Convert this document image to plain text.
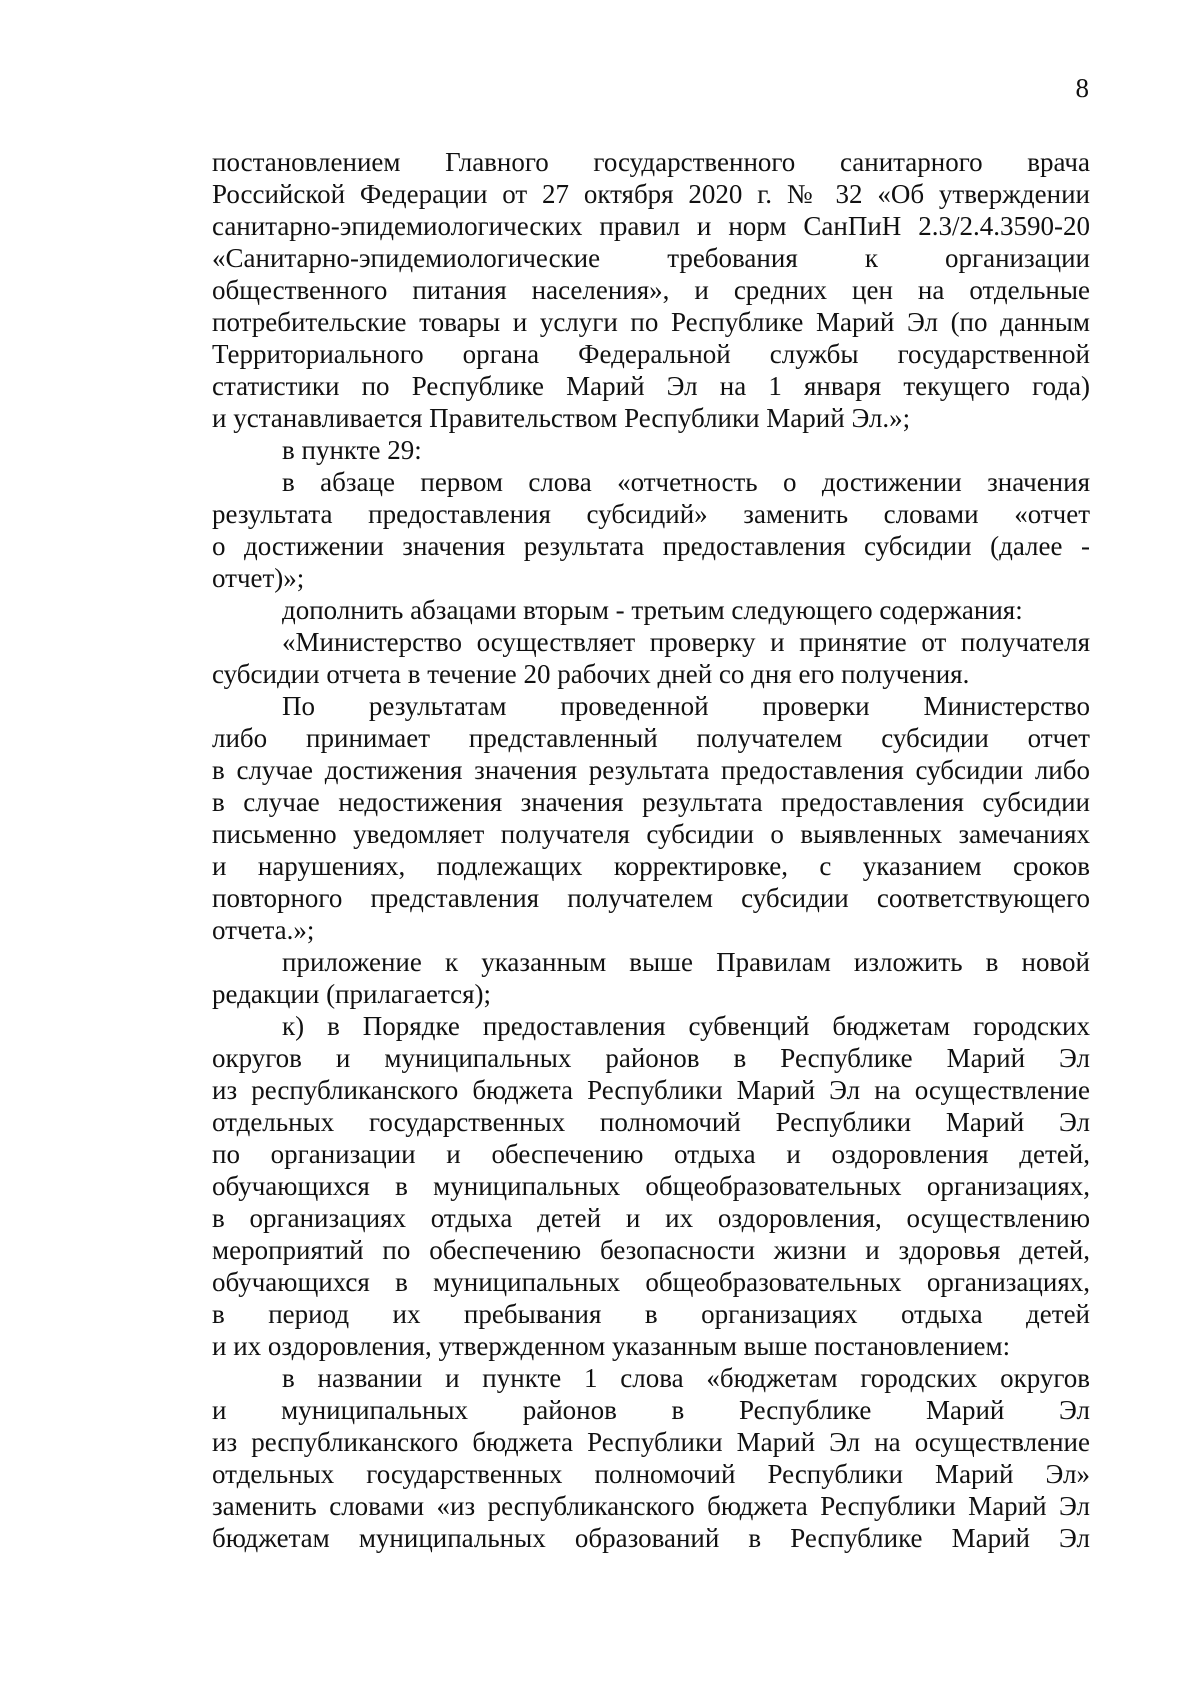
8
постановлением Главного государственного санитарного врача
Российской Федерации от 27 октября 2020 г. № 32 «Об утверждении
санитарно-эпидемиологических правил и норм СанПиН 2.3/2.4.3590-20
«Санитарно-эпидемиологические требования к организации
общественного питания населения», и средних цен на отдельные
потребительские товары и услуги по Республике Марий Эл (по данным
Территориального органа Федеральной службы государственной
статистики по Республике Марий Эл на 1 января текущего года)
и устанавливается Правительством Республики Марий Эл.»;
в пункте 29:
в абзаце первом слова «отчетность о достижении значения
результата предоставления субсидий» заменить словами «отчет
о достижении значения результата предоставления субсидии (далее -
отчет)»;
дополнить абзацами вторым - третьим следующего содержания:
«Министерство осуществляет проверку и принятие от получателя
субсидии отчета в течение 20 рабочих дней со дня его получения.
По результатам проведенной проверки Министерство
либо принимает представленный получателем субсидии отчет
в случае достижения значения результата предоставления субсидии либо
в случае недостижения значения результата предоставления субсидии
письменно уведомляет получателя субсидии о выявленных замечаниях
и нарушениях, подлежащих корректировке, с указанием сроков
повторного представления получателем субсидии соответствующего
отчета.»;
приложение к указанным выше Правилам изложить в новой
редакции (прилагается);
к) в Порядке предоставления субвенций бюджетам городских
округов и муниципальных районов в Республике Марий Эл
из республиканского бюджета Республики Марий Эл на осуществление
отдельных государственных полномочий Республики Марий Эл
по организации и обеспечению отдыха и оздоровления детей,
обучающихся в муниципальных общеобразовательных организациях,
в организациях отдыха детей и их оздоровления, осуществлению
мероприятий по обеспечению безопасности жизни и здоровья детей,
обучающихся в муниципальных общеобразовательных организациях,
в период их пребывания в организациях отдыха детей
и их оздоровления, утвержденном указанным выше постановлением:
в названии и пункте 1 слова «бюджетам городских округов
и муниципальных районов в Республике Марий Эл
из республиканского бюджета Республики Марий Эл на осуществление
отдельных государственных полномочий Республики Марий Эл»
заменить словами «из республиканского бюджета Республики Марий Эл
бюджетам муниципальных образований в Республике Марий Эл
